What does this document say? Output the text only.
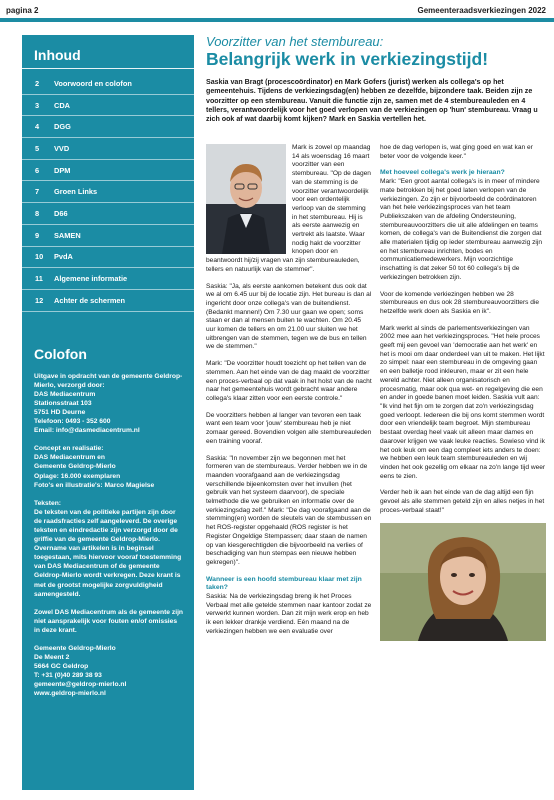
pagina 2	Gemeenteraadsverkiezingen 2022
Inhoud
2	Voorwoord en colofon
3	CDA
4	DGG
5	VVD
6	DPM
7	Groen Links
8	D66
9	SAMEN
10	PvdA
11	Algemene informatie
12	Achter de schermen
Colofon

Uitgave in opdracht van de gemeente Geldrop-Mierlo, verzorgd door:
DAS Mediacentrum
Stationsstraat 103
5751 HD Deurne
Telefoon: 0493 - 352 600
Email: info@dasmediacentrum.nl

Concept en realisatie:
DAS Mediacentrum en
Gemeente Geldrop-Mierlo
Oplage: 16.000 exemplaren
Foto's en illustratie's: Marco Magielse

Teksten:
De teksten van de politieke partijen zijn door de raadsfracties zelf aangeleverd. De overige teksten en eindredactie zijn verzorgd door de griffie van de gemeente Geldrop-Mierlo. Overname van artikelen is in beginsel toegestaan, mits hiervoor vooraf toestemming van DAS Mediacentrum of de gemeente Geldrop-Mierlo wordt verkregen. Deze krant is met de grootst mogelijke zorgvuldigheid samengesteld.

Zowel DAS Mediacentrum als de gemeente zijn niet aansprakelijk voor fouten en/of omissies in deze krant.

Gemeente Geldrop-Mierlo
De Meent 2
5664 GC Geldrop
T: +31 (0)40 289 38 93
gemeente@geldrop-mierlo.nl
www.geldrop-mierlo.nl

Voorzitter van het stembureau:
Belangrijk werk in verkiezingstijd!

Saskia van Bragt (procescoördinator) en Mark Gofers (jurist) werken als collega's op het gemeentehuis. Tijdens de verkiezingsdag(en) hebben ze dezelfde, bijzondere taak. Beiden zijn ze voorzitter op een stembureau. Vanuit die functie zijn ze, samen met de 4 stembureauleden en 4 tellers, verantwoordelijk voor het goed verlopen van de verkiezingen op 'hun' stembureau. Vraag u zich ook af wat daarbij komt kijken? Mark en Saskia vertellen het.

Mark is zowel op maandag 14 als woensdag 16 maart voorzitter van een stembureau. "Op de dagen van de stemming is de voorzitter verantwoordelijk voor een ordentelijk verloop van de stemming in het stembureau. Hij is als eerste aanwezig en vertrekt als laatste. Waar nodig hakt de voorzitter knopen door en beantwoordt hij/zij vragen van zijn stembureauleden, tellers en natuurlijk van de stemmer".

Saskia: "Ja, als eerste aankomen betekent dus ook dat we al om 6.45 uur bij de locatie zijn. Het bureau is dan al ingericht door onze collega's van de buitendienst. (Bedankt mannen!) Om 7.30 uur gaan we open; soms staan er dan al mensen buiten te wachten. Om 20.45 uur komen de tellers en om 21.00 uur sluiten we het uitbrengen van de stemmen, tegen we de bus en tellen we de stemmen."

Mark: "De voorzitter houdt toezicht op het tellen van de stemmen. Aan het einde van de dag maakt de voorzitter een proces-verbaal op dat vaak in het holst van de nacht naar het gemeentehuis wordt gebracht waar andere collega's klaar zitten voor een eerste controle."

De voorzitters hebben al langer van tevoren een taak want een team voor 'jouw' stembureau heb je niet zomaar gereed. Bovendien volgen alle stembureauleden een training vooraf.

Saskia: "In november zijn we begonnen met het formeren van de stembureaus. Verder hebben we in de maanden voorafgaand aan de verkiezingsdag verschillende bijeenkomsten over het invullen (het gebruik van het systeem daarvoor), de speciale telmethode die we gebruiken en informatie over de verkiezingsdag zelf." Mark: "De dag voorafgaand aan de stemming(en) worden de sleutels van de stembussen en het ROS-register opgehaald (ROS register is het Register Ongeldige Stempassen; daar staan de namen op van kiesgerechtigden die bijvoorbeeld na verlies of beschadiging van hun stempas een nieuwe hebben gekregen)".

Wanneer is een hoofd stembureau klaar met zijn taken?

Saskia: Na de verkiezingsdag breng ik het Proces Verbaal met alle getelde stemmen naar kantoor zodat ze verwerkt kunnen worden. Dan zit mijn werk erop en heb ik een lekker drankje verdiend. Eén maand na de verkiezingen hebben we een evaluatie over

hoe de dag verlopen is, wat ging goed en wat kan er beter voor de volgende keer."

Met hoeveel collega's werk je hieraan?

Mark: "Een groot aantal collega's is in meer of mindere mate betrokken bij het goed laten verlopen van de verkiezingen. Zo zijn er bijvoorbeeld de coördinatoren van het hele verkiezingsproces van het team Publiekszaken van de afdeling Ondersteuning, stembureauvoorzitters die uit alle afdelingen en teams komen, de collega's van de Buitendienst die zorgen dat alle materialen tijdig op ieder stembureau aanwezig zijn en het stembureau inrichten, bodes en communicatiemedewerkers. Mijn voorzichtige inschatting is dat zeker 50 tot 60 collega's bij de verkiezingen betrokken zijn.

Voor de komende verkiezingen hebben we 28 stembureaus en dus ook 28 stembureauvoorzitters die hetzelfde werk doen als Saskia en ik".

Mark werkt al sinds de parlementsverkiezingen van 2002 mee aan het verkiezingsproces. "Het hele proces geeft mij een gevoel van 'democratie aan het werk' en het is mooi om daar onderdeel van uit te maken. Het lijkt zo simpel: naar een stembureau in de omgeving gaan en een balletje rood inkleuren, maar er zit een hele wereld achter. Niet alleen organisatorisch en procesmatig, maar ook qua wet- en regelgeving die een en ander in goede banen moet leiden. Saskia vult aan: "Ik vind het fijn om te zorgen dat zo'n verkiezingsdag goed verloopt. Iedereen die bij ons komt stemmen wordt door een vriendelijk team begroet. Mijn stembureau bestaat overdag heel vaak uit alleen maar dames en daarover krijgen we vaak leuke reacties. Sowieso vind ik het ook leuk om een dag compleet iets anders te doen: we hebben een leuk team stembureauleden en wij vinden het ook gezellig om elkaar na zo'n lange tijd weer eens te zien.

Verder heb ik aan het einde van de dag altijd een fijn gevoel als alle stemmen geteld zijn en alles netjes in het proces-verbaal staat!"
